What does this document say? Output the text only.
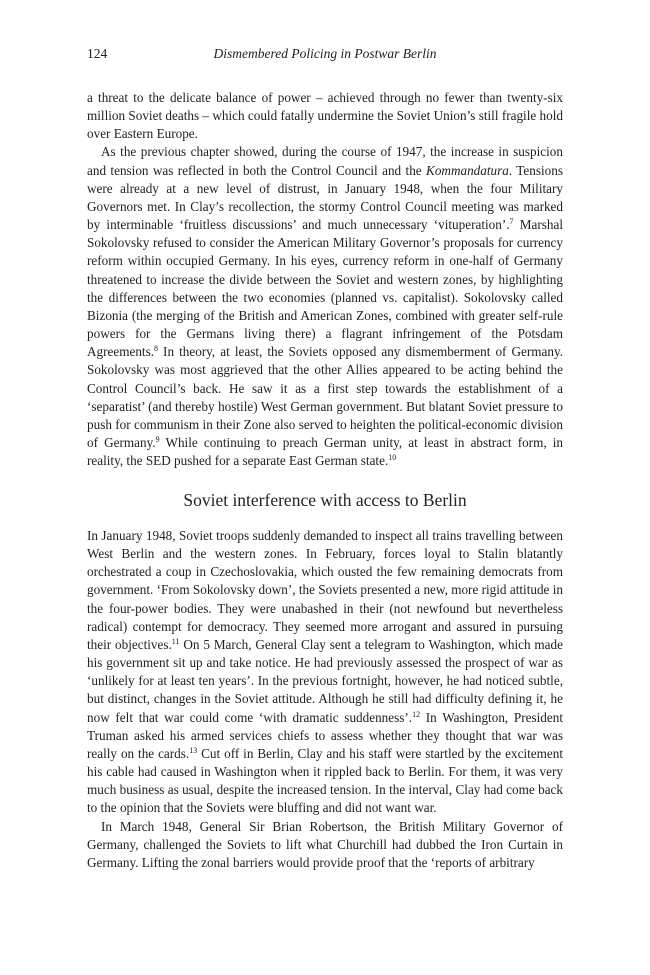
124	Dismembered Policing in Postwar Berlin

a threat to the delicate balance of power – achieved through no fewer than twenty-six million Soviet deaths – which could fatally undermine the Soviet Union’s still fragile hold over Eastern Europe.

As the previous chapter showed, during the course of 1947, the increase in suspicion and tension was reflected in both the Control Council and the Kommandatura. Tensions were already at a new level of distrust, in January 1948, when the four Military Governors met. In Clay’s recollection, the stormy Control Council meeting was marked by interminable ‘fruitless discussions’ and much unnecessary ‘vituperation’.$^7$ Marshal Sokolovsky refused to consider the American Military Governor’s proposals for currency reform within occupied Germany. In his eyes, currency reform in one-half of Germany threatened to increase the divide between the Soviet and western zones, by highlighting the differences between the two economies (planned vs. capitalist). Sokolovsky called Bizonia (the merging of the British and American Zones, combined with greater self-rule powers for the Germans living there) a flagrant infringement of the Potsdam Agreements.$^8$ In theory, at least, the Soviets opposed any dismemberment of Germany. Sokolovsky was most aggrieved that the other Allies appeared to be acting behind the Control Council’s back. He saw it as a first step towards the establishment of a ‘separatist’ (and thereby hostile) West German government. But blatant Soviet pressure to push for communism in their Zone also served to heighten the political-economic division of Germany.$^9$ While continuing to preach German unity, at least in abstract form, in reality, the SED pushed for a separate East German state.$^{10}$

Soviet interference with access to Berlin

In January 1948, Soviet troops suddenly demanded to inspect all trains travelling between West Berlin and the western zones. In February, forces loyal to Stalin blatantly orchestrated a coup in Czechoslovakia, which ousted the few remaining democrats from government. ‘From Sokolovsky down’, the Soviets presented a new, more rigid attitude in the four-power bodies. They were unabashed in their (not newfound but nevertheless radical) contempt for democracy. They seemed more arrogant and assured in pursuing their objectives.$^{11}$ On 5 March, General Clay sent a telegram to Washington, which made his government sit up and take notice. He had previously assessed the prospect of war as ‘unlikely for at least ten years’. In the previous fortnight, however, he had noticed subtle, but distinct, changes in the Soviet attitude. Although he still had difficulty defining it, he now felt that war could come ‘with dramatic suddenness’.$^{12}$ In Washington, President Truman asked his armed services chiefs to assess whether they thought that war was really on the cards.$^{13}$ Cut off in Berlin, Clay and his staff were startled by the excitement his cable had caused in Washington when it rippled back to Berlin. For them, it was very much business as usual, despite the increased tension. In the interval, Clay had come back to the opinion that the Soviets were bluffing and did not want war.

In March 1948, General Sir Brian Robertson, the British Military Governor of Germany, challenged the Soviets to lift what Churchill had dubbed the Iron Curtain in Germany. Lifting the zonal barriers would provide proof that the ‘reports of arbitrary
